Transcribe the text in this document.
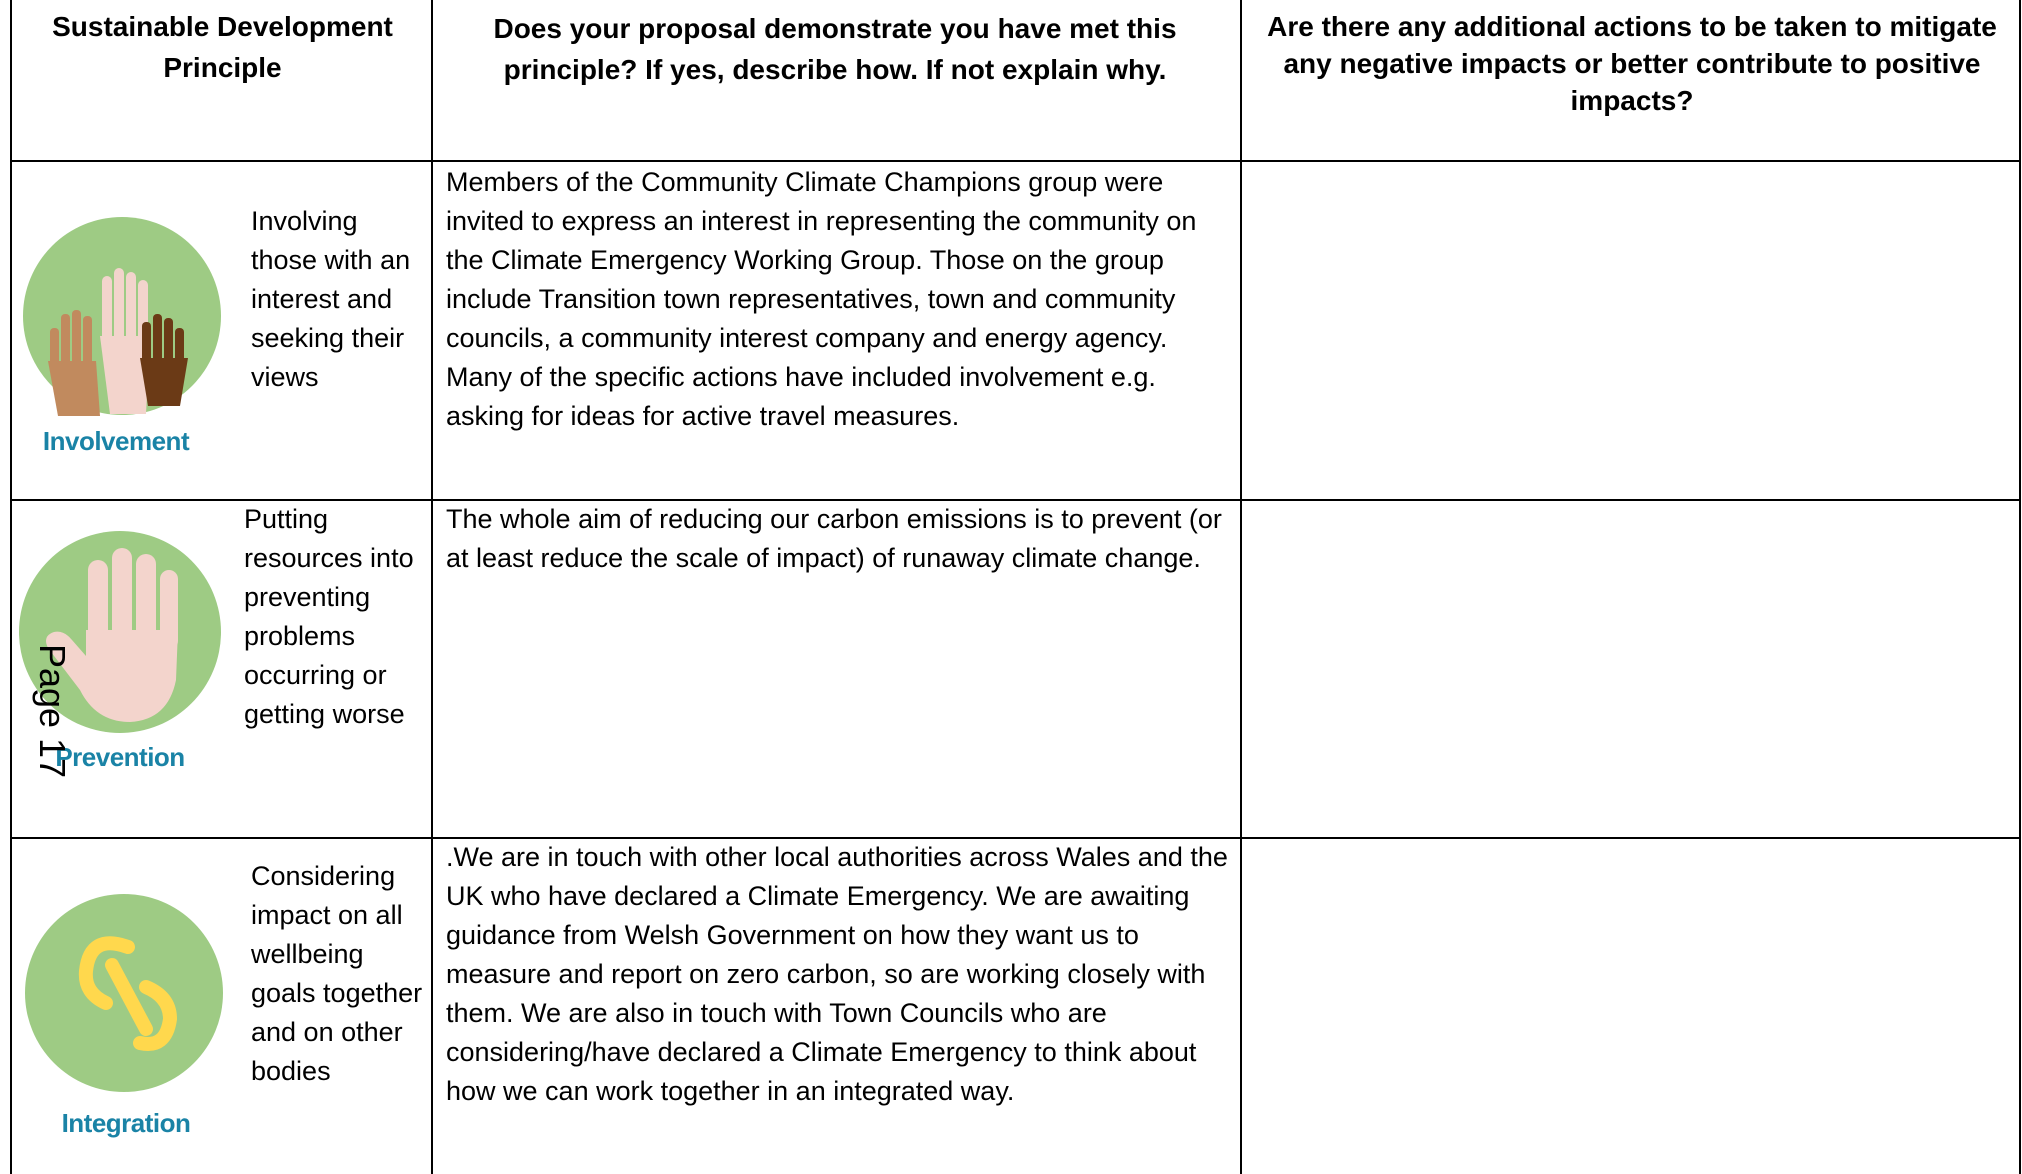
Sustainable Development Principle
Does your proposal demonstrate you have met this principle? If yes, describe how. If not explain why.
Are there any additional actions to be taken to mitigate any negative impacts or better contribute to positive impacts?
Involvement
Involving those with an interest and seeking their views
Members of the Community Climate Champions group were invited to express an interest in representing the community on the Climate Emergency Working Group. Those on the group include Transition town representatives, town and community councils, a community interest company and energy agency. Many of the specific actions have included involvement e.g. asking for ideas for active travel measures.
Prevention
Putting resources into preventing problems occurring or getting worse
The whole aim of reducing our carbon emissions is to prevent (or at least reduce the scale of impact) of runaway climate change.
Integration
Considering impact on all wellbeing goals together and on other bodies
.We are in touch with other local authorities across Wales and the UK who have declared a Climate Emergency. We are awaiting guidance from Welsh Government on how they want us to measure and report on zero carbon, so are working closely with them. We are also in touch with Town Councils who are considering/have declared a Climate Emergency to think about how we can work together in an integrated way.
Page 17
